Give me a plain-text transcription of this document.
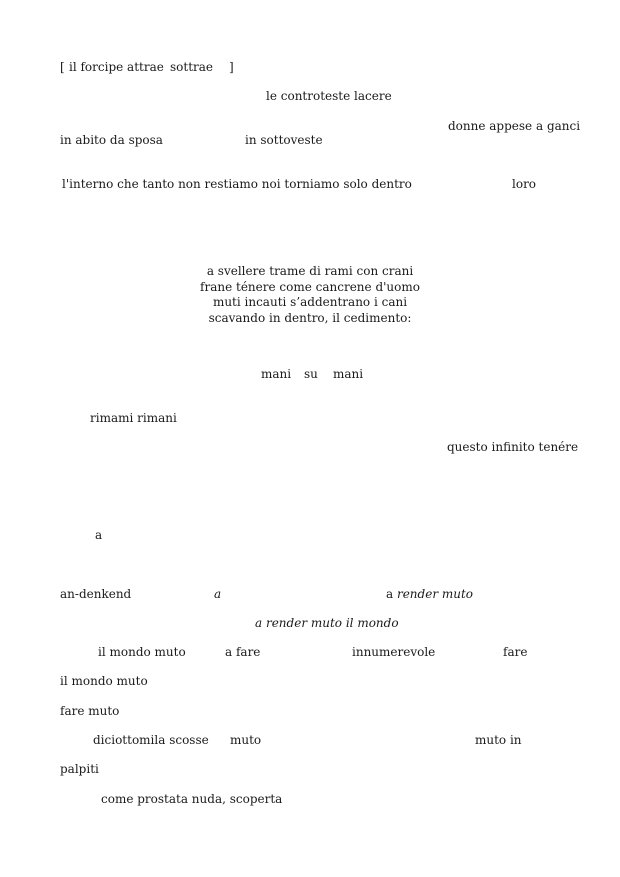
[ il forcipe attrae sottrae ]
le controteste lacere
donne appese a ganci
in abito da sposa	in sottoveste
l'interno che tanto non restiamo noi torniamo solo dentro	loro
a svellere trame di rami con crani
frane ténere come cancrene d'uomo
muti incauti s’addentrano i cani
scavando in dentro, il cedimento:
mani su mani
rimami rimani
questo infinito tenére
a
an-denkend	a	a render muto
a render muto il mondo
il mondo muto	a fare	innumerevole	fare
il mondo muto
fare muto
diciottomila scosse muto	muto in
palpiti
come prostata nuda, scoperta
